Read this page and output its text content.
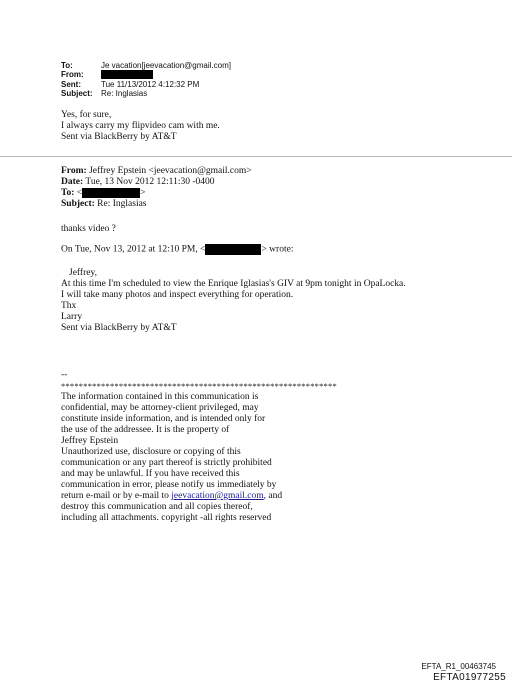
To:	Je vacation[jeevacation@gmail.com]
From:
Sent:	Tue 11/13/2012 4:12:32 PM
Subject: Re: Inglasias
Yes, for sure,
I always carry my flipvideo cam with me.
Sent via BlackBerry by AT&T
From: Jeffrey Epstein <jeevacation@gmail.com>
Date: Tue, 13 Nov 2012 12:11:30 -0400
To: <	>
Subject: Re: Inglasias
thanks video ?
On Tue, Nov 13, 2012 at 12:10 PM, <	> wrote:
Jeffrey,
At this time I'm scheduled to view the Enrique Iglasias's GIV at 9pm tonight in OpaLocka.
I will take many photos and inspect everything for operation.
Thx
Larry
Sent via BlackBerry by AT&T
--
**************************************************************
The information contained in this communication is
confidential, may be attorney-client privileged, may
constitute inside information, and is intended only for
the use of the addressee. It is the property of
Jeffrey Epstein
Unauthorized use, disclosure or copying of this
communication or any part thereof is strictly prohibited
and may be unlawful. If you have received this
communication in error, please notify us immediately by
return e-mail or by e-mail to jeevacation@gmail.com, and
destroy this communication and all copies thereof,
including all attachments. copyright -all rights reserved
EFTA_R1_00463745
EFTA01977255
